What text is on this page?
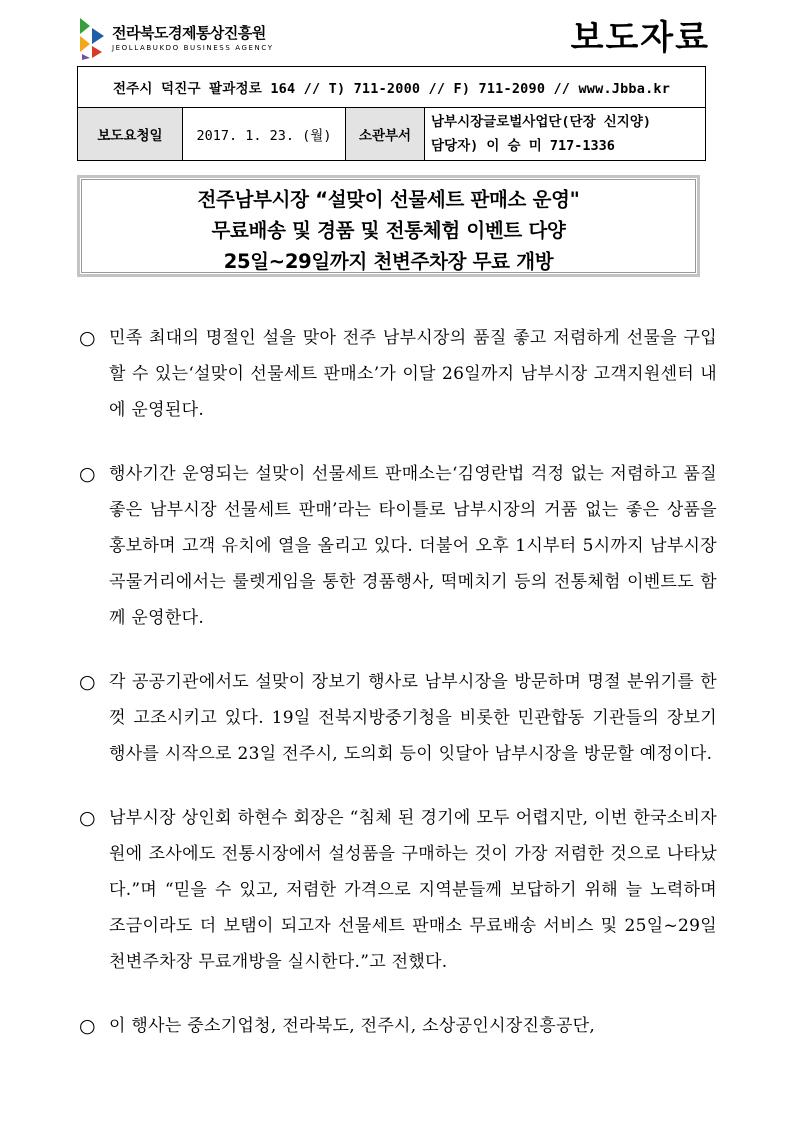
전라북도경제통상진흥원
JEOLLABUKDO BUSINESS AGENCY	보도자료
전주시 덕진구 팔과정로 164 // T) 711-2000 // F) 711-2090 // www.Jbba.kr
보도요청일	2017. 1. 23. (월)	소관부서	
남부시장글로벌사업단(단장 신지양)
담당자) 이 승 미 717-1336
전주남부시장 “설맞이 선물세트 판매소 운영"
무료배송 및 경품 및 전통체험 이벤트 다양
25일~29일까지 천변주차장 무료 개방
○ 민족 최대의 명절인 설을 맞아 전주 남부시장의 품질 좋고 저렴하게 선물을 구입할 수 있는‘설맞이 선물세트 판매소’가 이달 26일까지 남부시장 고객지원센터 내에 운영된다.
○ 행사기간 운영되는 설맞이 선물세트 판매소는‘김영란법 걱정 없는 저렴하고 품질 좋은 남부시장 선물세트 판매’라는 타이틀로 남부시장의 거품 없는 좋은 상품을 홍보하며 고객 유치에 열을 올리고 있다. 더불어 오후 1시부터 5시까지 남부시장 곡물거리에서는 룰렛게임을 통한 경품행사, 떡메치기 등의 전통체험 이벤트도 함께 운영한다.
○ 각 공공기관에서도 설맞이 장보기 행사로 남부시장을 방문하며 명절 분위기를 한껏 고조시키고 있다. 19일 전북지방중기청을 비롯한 민관합동 기관들의 장보기 행사를 시작으로 23일 전주시, 도의회 등이 잇달아 남부시장을 방문할 예정이다.
○ 남부시장 상인회 하현수 회장은 “침체 된 경기에 모두 어렵지만, 이번 한국소비자원에 조사에도 전통시장에서 설성품을 구매하는 것이 가장 저렴한 것으로 나타났다.”며 “믿을 수 있고, 저렴한 가격으로 지역분들께 보답하기 위해 늘 노력하며 조금이라도 더 보탬이 되고자 선물세트 판매소 무료배송 서비스 및 25일~29일 천변주차장 무료개방을 실시한다.”고 전했다.
○ 이 행사는 중소기업청, 전라북도, 전주시, 소상공인시장진흥공단,
